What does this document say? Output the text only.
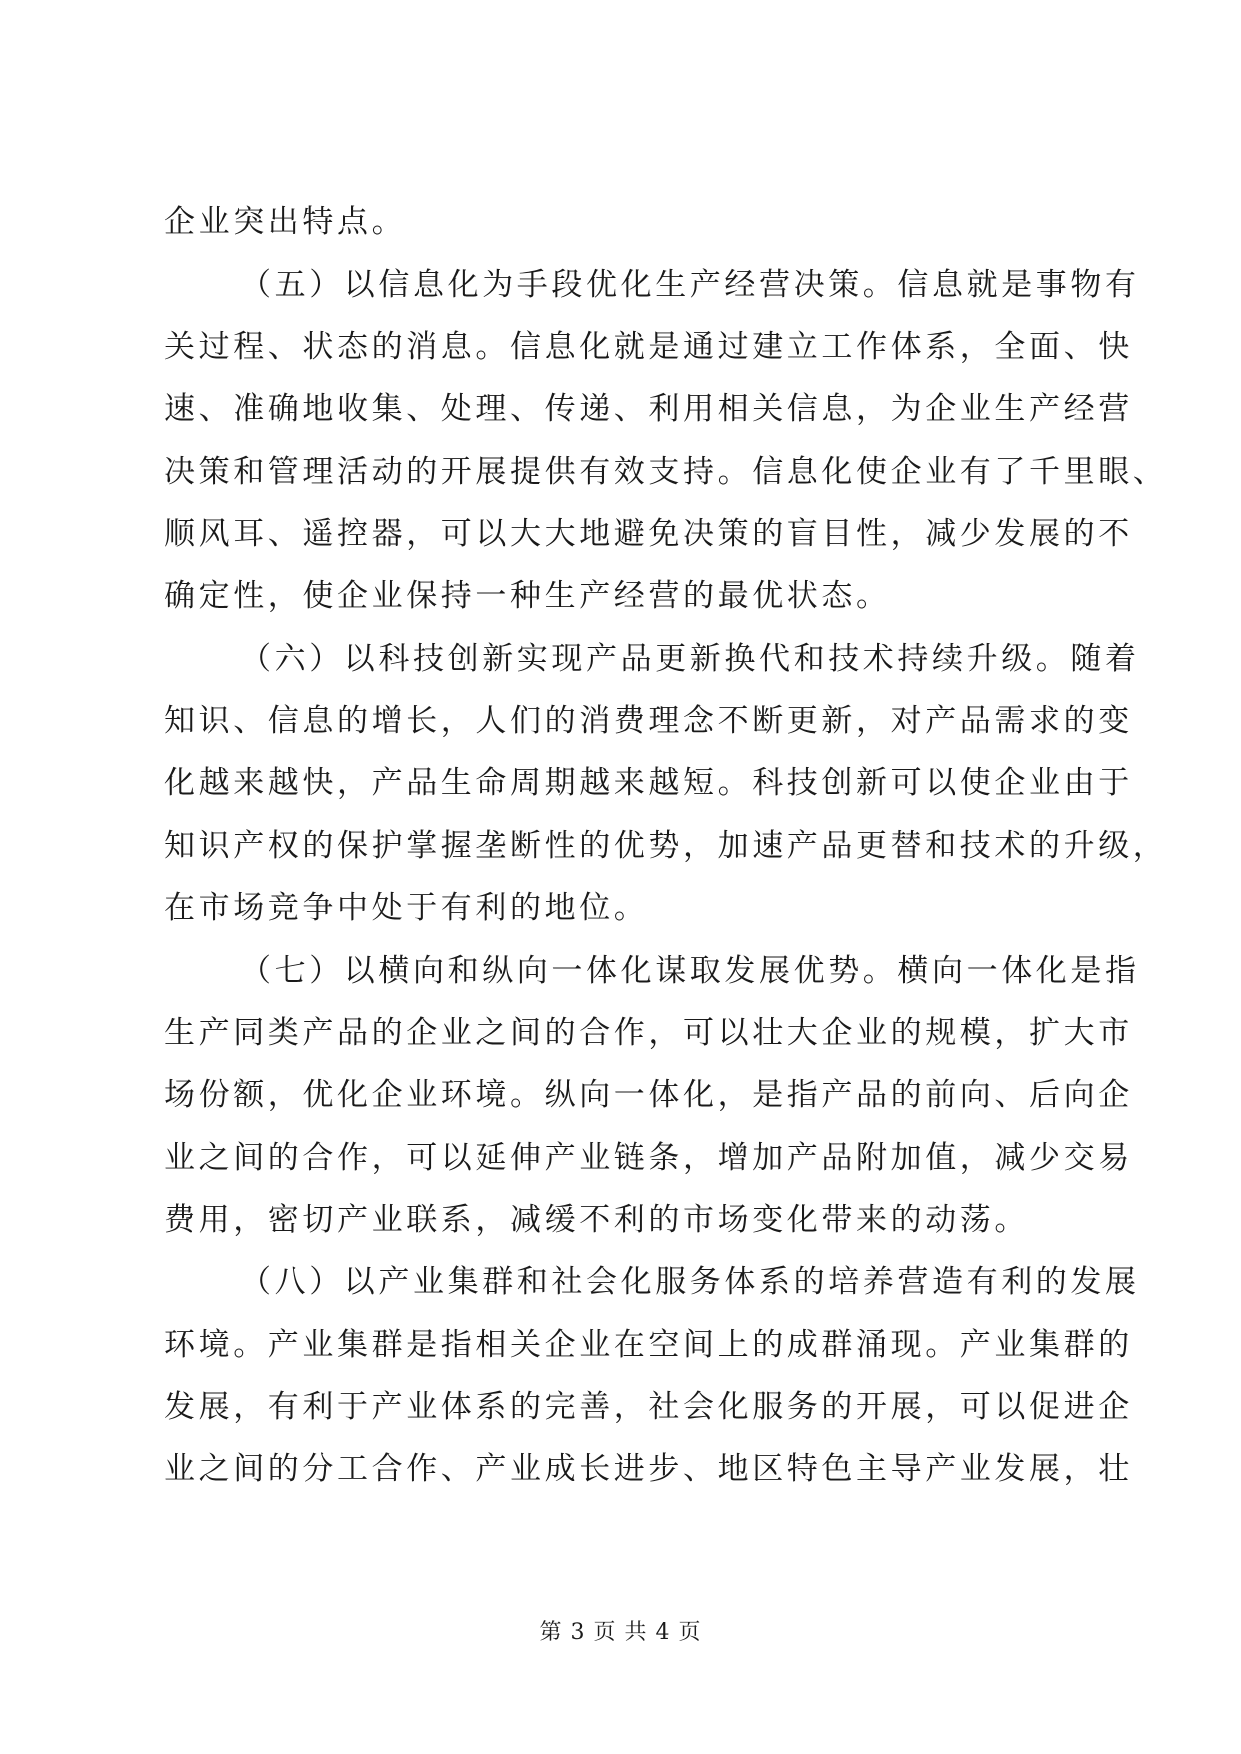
企业突出特点。
（五）以信息化为手段优化生产经营决策。信息就是事物有
关过程、状态的消息。信息化就是通过建立工作体系，全面、快
速、准确地收集、处理、传递、利用相关信息，为企业生产经营
决策和管理活动的开展提供有效支持。信息化使企业有了千里眼、
顺风耳、遥控器，可以大大地避免决策的盲目性，减少发展的不
确定性，使企业保持一种生产经营的最优状态。
（六）以科技创新实现产品更新换代和技术持续升级。随着
知识、信息的增长，人们的消费理念不断更新，对产品需求的变
化越来越快，产品生命周期越来越短。科技创新可以使企业由于
知识产权的保护掌握垄断性的优势，加速产品更替和技术的升级，
在市场竞争中处于有利的地位。
（七）以横向和纵向一体化谋取发展优势。横向一体化是指
生产同类产品的企业之间的合作，可以壮大企业的规模，扩大市
场份额，优化企业环境。纵向一体化，是指产品的前向、后向企
业之间的合作，可以延伸产业链条，增加产品附加值，减少交易
费用，密切产业联系，减缓不利的市场变化带来的动荡。
（八）以产业集群和社会化服务体系的培养营造有利的发展
环境。产业集群是指相关企业在空间上的成群涌现。产业集群的
发展，有利于产业体系的完善，社会化服务的开展，可以促进企
业之间的分工合作、产业成长进步、地区特色主导产业发展，壮
第 3 页 共 4 页
